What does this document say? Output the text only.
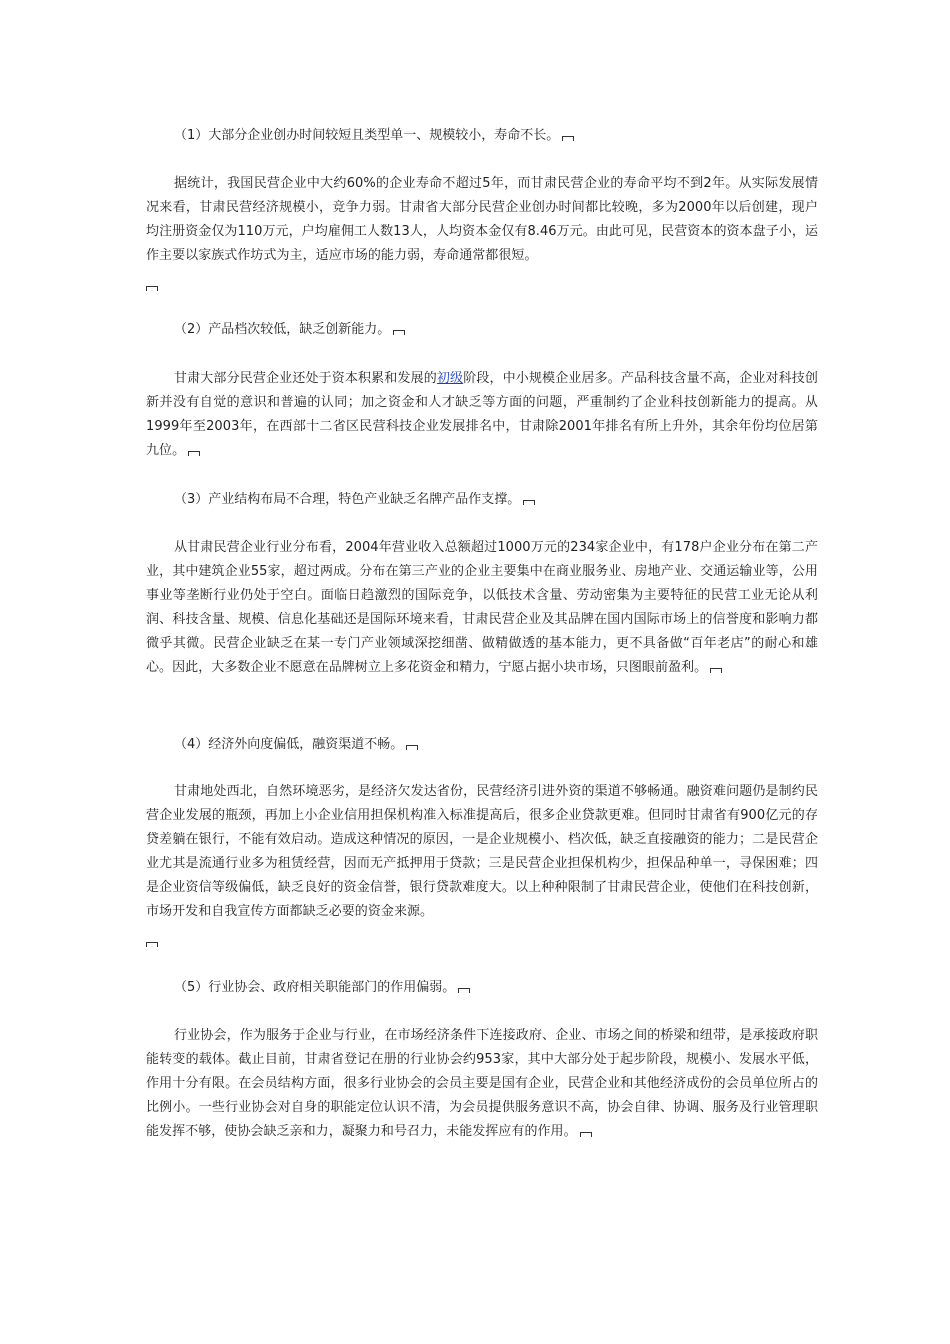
（1）大部分企业创办时间较短且类型单一、规模较小，寿命不长。
据统计，我国民营企业中大约60%的企业寿命不超过5年，而甘肃民营企业的寿命平均不到2年。从实际发展情况来看，甘肃民营经济规模小，竞争力弱。甘肃省大部分民营企业创办时间都比较晚，多为2000年以后创建，现户均注册资金仅为110万元，户均雇佣工人数13人，人均资本金仅有8.46万元。由此可见，民营资本的资本盘子小，运作主要以家族式作坊式为主，适应市场的能力弱，寿命通常都很短。
（2）产品档次较低，缺乏创新能力。
甘肃大部分民营企业还处于资本积累和发展的初级阶段，中小规模企业居多。产品科技含量不高，企业对科技创新并没有自觉的意识和普遍的认同；加之资金和人才缺乏等方面的问题，严重制约了企业科技创新能力的提高。从1999年至2003年，在西部十二省区民营科技企业发展排名中，甘肃除2001年排名有所上升外，其余年份均位居第九位。
（3）产业结构布局不合理，特色产业缺乏名牌产品作支撑。
从甘肃民营企业行业分布看，2004年营业收入总额超过1000万元的234家企业中，有178户企业分布在第二产业，其中建筑企业55家，超过两成。分布在第三产业的企业主要集中在商业服务业、房地产业、交通运输业等，公用事业等垄断行业仍处于空白。面临日趋激烈的国际竞争，以低技术含量、劳动密集为主要特征的民营工业无论从利润、科技含量、规模、信息化基础还是国际环境来看，甘肃民营企业及其品牌在国内国际市场上的信誉度和影响力都微乎其微。民营企业缺乏在某一专门产业领域深挖细凿、做精做透的基本能力，更不具备做“百年老店”的耐心和雄心。因此，大多数企业不愿意在品牌树立上多花资金和精力，宁愿占据小块市场，只图眼前盈利。
（4）经济外向度偏低，融资渠道不畅。
甘肃地处西北，自然环境恶劣，是经济欠发达省份，民营经济引进外资的渠道不够畅通。融资难问题仍是制约民营企业发展的瓶颈，再加上小企业信用担保机构准入标准提高后，很多企业贷款更难。但同时甘肃省有900亿元的存贷差躺在银行，不能有效启动。造成这种情况的原因，一是企业规模小、档次低，缺乏直接融资的能力；二是民营企业尤其是流通行业多为租赁经营，因而无产抵押用于贷款；三是民营企业担保机构少，担保品种单一，寻保困难；四是企业资信等级偏低，缺乏良好的资金信誉，银行贷款难度大。以上种种限制了甘肃民营企业，使他们在科技创新，市场开发和自我宣传方面都缺乏必要的资金来源。
（5）行业协会、政府相关职能部门的作用偏弱。
行业协会，作为服务于企业与行业，在市场经济条件下连接政府、企业、市场之间的桥梁和纽带，是承接政府职能转变的载体。截止目前，甘肃省登记在册的行业协会约953家，其中大部分处于起步阶段，规模小、发展水平低，作用十分有限。在会员结构方面，很多行业协会的会员主要是国有企业，民营企业和其他经济成份的会员单位所占的比例小。一些行业协会对自身的职能定位认识不清，为会员提供服务意识不高，协会自律、协调、服务及行业管理职能发挥不够，使协会缺乏亲和力，凝聚力和号召力，未能发挥应有的作用。
